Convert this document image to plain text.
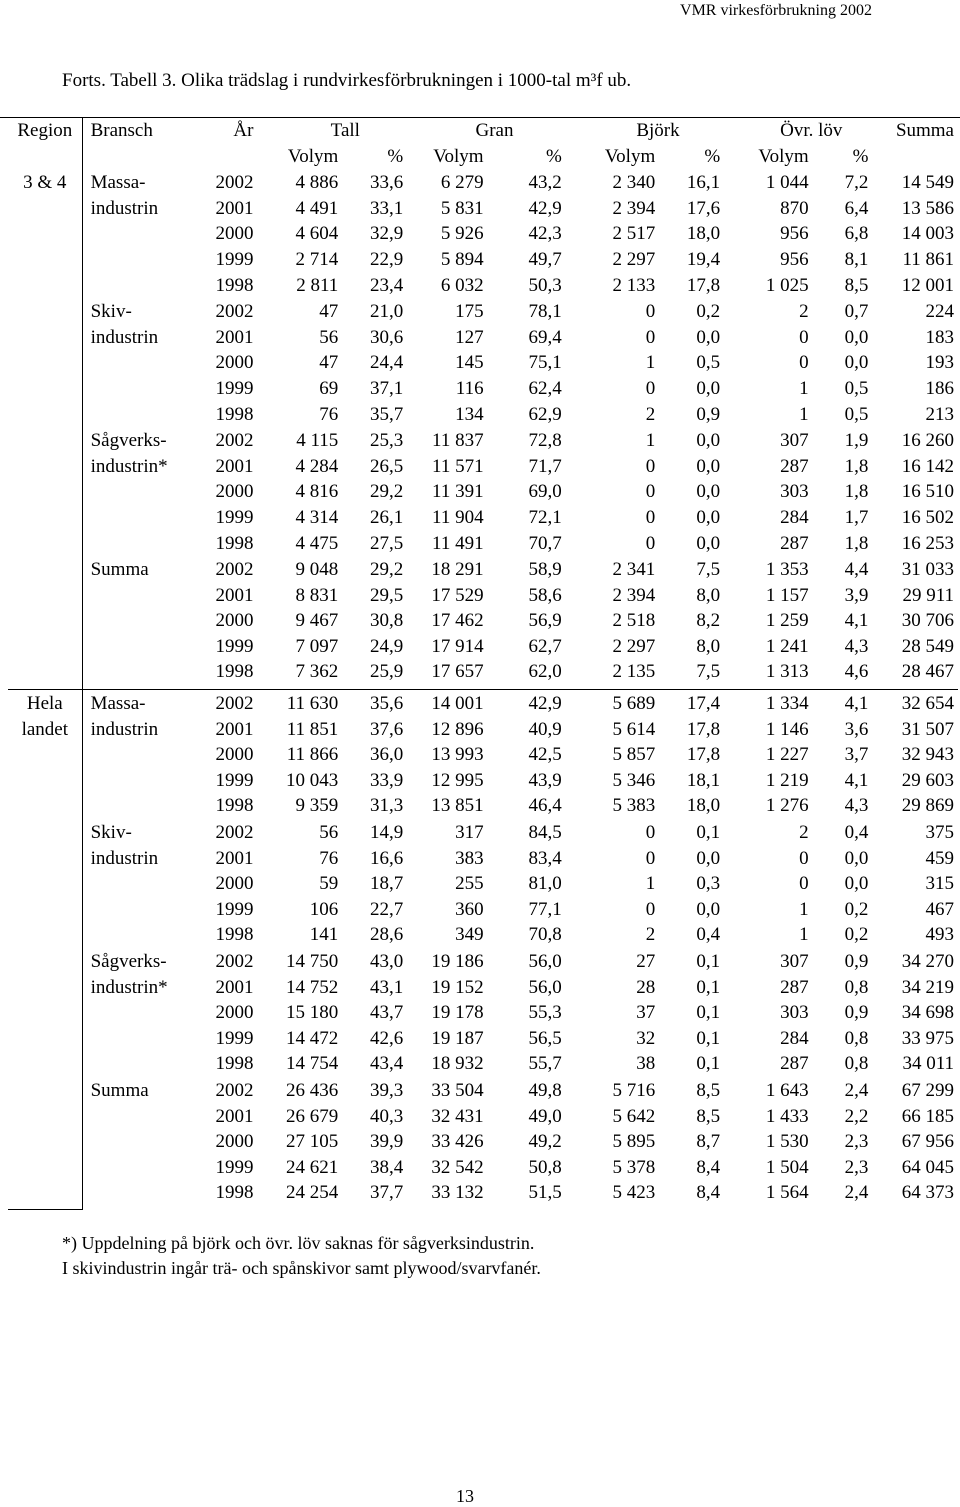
VMR virkesförbrukning 2002
Forts. Tabell 3. Olika trädslag i rundvirkesförbrukningen i 1000-tal m³f ub.
Region	Bransch	År	Tall		Gran		Björk		Övr. löv		Summa
			Volym	%	Volym	%	Volym	%	Volym	%	
3 & 4	Massa-	2002	4 886	33,6	6 279	43,2	2 340	16,1	1 044	7,2	14 549
	industrin	2001	4 491	33,1	5 831	42,9	2 394	17,6	870	6,4	13 586
		2000	4 604	32,9	5 926	42,3	2 517	18,0	956	6,8	14 003
		1999	2 714	22,9	5 894	49,7	2 297	19,4	956	8,1	11 861
		1998	2 811	23,4	6 032	50,3	2 133	17,8	1 025	8,5	12 001
	Skiv-	2002	47	21,0	175	78,1	0	0,2	2	0,7	224
	industrin	2001	56	30,6	127	69,4	0	0,0	0	0,0	183
		2000	47	24,4	145	75,1	1	0,5	0	0,0	193
		1999	69	37,1	116	62,4	0	0,0	1	0,5	186
		1998	76	35,7	134	62,9	2	0,9	1	0,5	213
	Sågverks-	2002	4 115	25,3	11 837	72,8	1	0,0	307	1,9	16 260
	industrin*	2001	4 284	26,5	11 571	71,7	0	0,0	287	1,8	16 142
		2000	4 816	29,2	11 391	69,0	0	0,0	303	1,8	16 510
		1999	4 314	26,1	11 904	72,1	0	0,0	284	1,7	16 502
		1998	4 475	27,5	11 491	70,7	0	0,0	287	1,8	16 253
	Summa	2002	9 048	29,2	18 291	58,9	2 341	7,5	1 353	4,4	31 033
		2001	8 831	29,5	17 529	58,6	2 394	8,0	1 157	3,9	29 911
		2000	9 467	30,8	17 462	56,9	2 518	8,2	1 259	4,1	30 706
		1999	7 097	24,9	17 914	62,7	2 297	8,0	1 241	4,3	28 549
		1998	7 362	25,9	17 657	62,0	2 135	7,5	1 313	4,6	28 467
Hela	Massa-	2002	11 630	35,6	14 001	42,9	5 689	17,4	1 334	4,1	32 654
landet	industrin	2001	11 851	37,6	12 896	40,9	5 614	17,8	1 146	3,6	31 507
		2000	11 866	36,0	13 993	42,5	5 857	17,8	1 227	3,7	32 943
		1999	10 043	33,9	12 995	43,9	5 346	18,1	1 219	4,1	29 603
		1998	9 359	31,3	13 851	46,4	5 383	18,0	1 276	4,3	29 869
	Skiv-	2002	56	14,9	317	84,5	0	0,1	2	0,4	375
	industrin	2001	76	16,6	383	83,4	0	0,0	0	0,0	459
		2000	59	18,7	255	81,0	1	0,3	0	0,0	315
		1999	106	22,7	360	77,1	0	0,0	1	0,2	467
		1998	141	28,6	349	70,8	2	0,4	1	0,2	493
	Sågverks-	2002	14 750	43,0	19 186	56,0	27	0,1	307	0,9	34 270
	industrin*	2001	14 752	43,1	19 152	56,0	28	0,1	287	0,8	34 219
		2000	15 180	43,7	19 178	55,3	37	0,1	303	0,9	34 698
		1999	14 472	42,6	19 187	56,5	32	0,1	284	0,8	33 975
		1998	14 754	43,4	18 932	55,7	38	0,1	287	0,8	34 011
	Summa	2002	26 436	39,3	33 504	49,8	5 716	8,5	1 643	2,4	67 299
		2001	26 679	40,3	32 431	49,0	5 642	8,5	1 433	2,2	66 185
		2000	27 105	39,9	33 426	49,2	5 895	8,7	1 530	2,3	67 956
		1999	24 621	38,4	32 542	50,8	5 378	8,4	1 504	2,3	64 045
		1998	24 254	37,7	33 132	51,5	5 423	8,4	1 564	2,4	64 373
*) Uppdelning på björk och övr. löv saknas för sågverksindustrin.
I skivindustrin ingår trä- och spånskivor samt plywood/svarvfanér.
13
